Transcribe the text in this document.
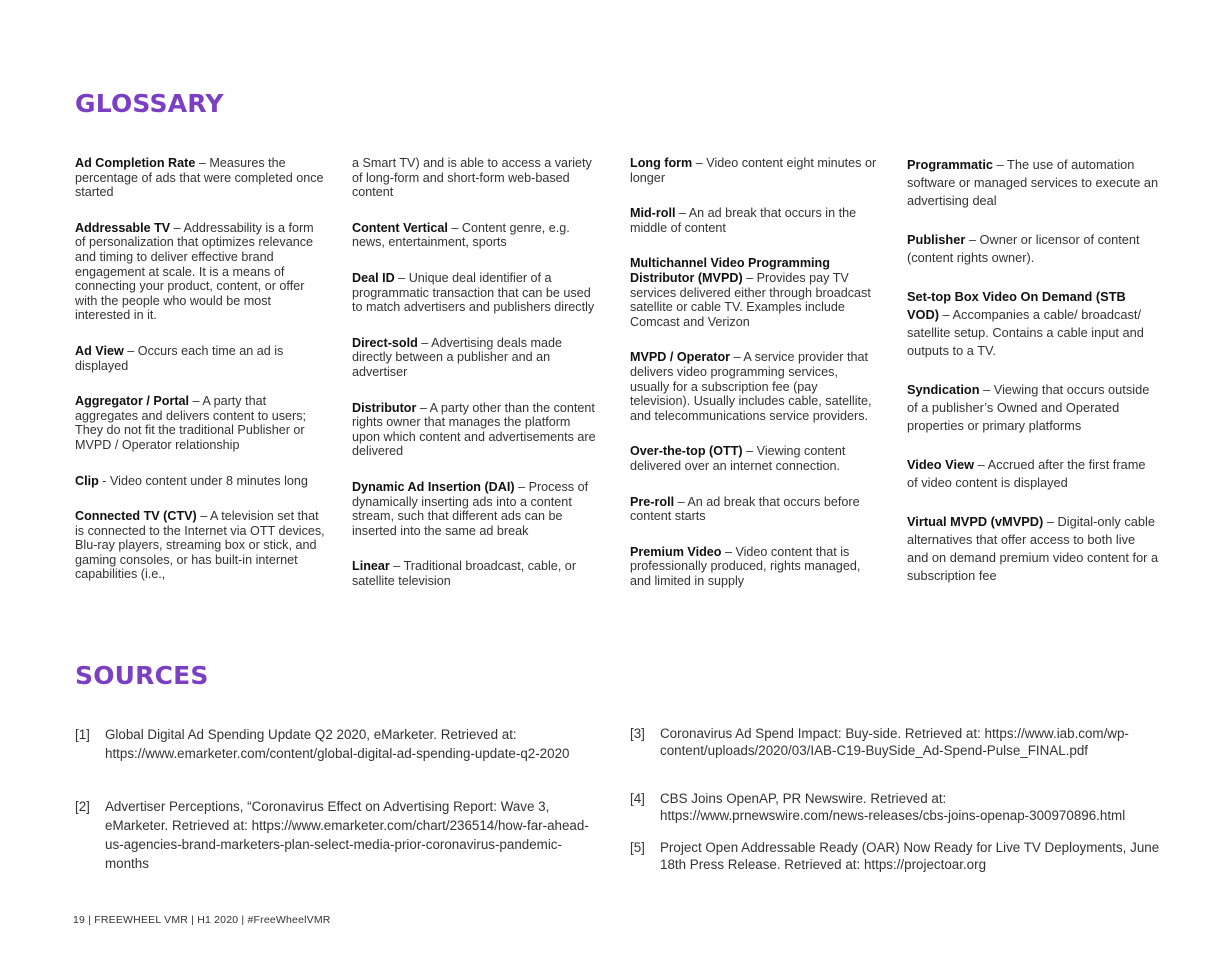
GLOSSARY

Ad Completion Rate – Measures the percentage of ads that were completed once started

Addressable TV – Addressability is a form of personalization that optimizes relevance and timing to deliver effective brand engagement at scale. It is a means of connecting your product, content, or offer with the people who would be most interested in it.

Ad View – Occurs each time an ad is displayed

Aggregator / Portal – A party that aggregates and delivers content to users; They do not fit the traditional Publisher or MVPD / Operator relationship

Clip - Video content under 8 minutes long

Connected TV (CTV) – A television set that is connected to the Internet via OTT devices, Blu-ray players, streaming box or stick, and gaming consoles, or has built-in internet capabilities (i.e.,

a Smart TV) and is able to access a variety of long-form and short-form web-based content

Content Vertical – Content genre, e.g. news, entertainment, sports

Deal ID – Unique deal identifier of a programmatic transaction that can be used to match advertisers and publishers directly

Direct-sold – Advertising deals made directly between a publisher and an advertiser

Distributor – A party other than the content rights owner that manages the platform upon which content and advertisements are delivered

Dynamic Ad Insertion (DAI) – Process of dynamically inserting ads into a content stream, such that different ads can be inserted into the same ad break

Linear – Traditional broadcast, cable, or satellite television

Long form – Video content eight minutes or longer

Mid-roll – An ad break that occurs in the middle of content

Multichannel Video Programming Distributor (MVPD) – Provides pay TV services delivered either through broadcast satellite or cable TV. Examples include Comcast and Verizon

MVPD / Operator – A service provider that delivers video programming services, usually for a subscription fee (pay television). Usually includes cable, satellite, and telecommunications service providers.

Over-the-top (OTT) – Viewing content delivered over an internet connection.

Pre-roll – An ad break that occurs before content starts

Premium Video – Video content that is professionally produced, rights managed, and limited in supply

Programmatic – The use of automation software or managed services to execute an advertising deal

Publisher – Owner or licensor of content (content rights owner).

Set-top Box Video On Demand (STB VOD) – Accompanies a cable/ broadcast/ satellite setup. Contains a cable input and outputs to a TV.

Syndication – Viewing that occurs outside of a publisher’s Owned and Operated properties or primary platforms

Video View – Accrued after the first frame of video content is displayed

Virtual MVPD (vMVPD) – Digital-only cable alternatives that offer access to both live and on demand premium video content for a subscription fee

SOURCES
[1] Global Digital Ad Spending Update Q2 2020, eMarketer. Retrieved at: https://www.emarketer.com/content/global-digital-ad-spending-update-q2-2020
[2] Advertiser Perceptions, “Coronavirus Effect on Advertising Report: Wave 3, eMarketer. Retrieved at: https://www.emarketer.com/chart/236514/how-far-ahead-us-agencies-brand-marketers-plan-select-media-prior-coronavirus-pandemic-months
[3] Coronavirus Ad Spend Impact: Buy-side. Retrieved at: https://www.iab.com/wp-content/uploads/2020/03/IAB-C19-BuySide_Ad-Spend-Pulse_FINAL.pdf
[4] CBS Joins OpenAP, PR Newswire. Retrieved at: https://www.prnewswire.com/news-releases/cbs-joins-openap-300970896.html
[5] Project Open Addressable Ready (OAR) Now Ready for Live TV Deployments, June 18th Press Release. Retrieved at: https://projectoar.org
19 | FREEWHEEL VMR | H1 2020 | #FreeWheelVMR
